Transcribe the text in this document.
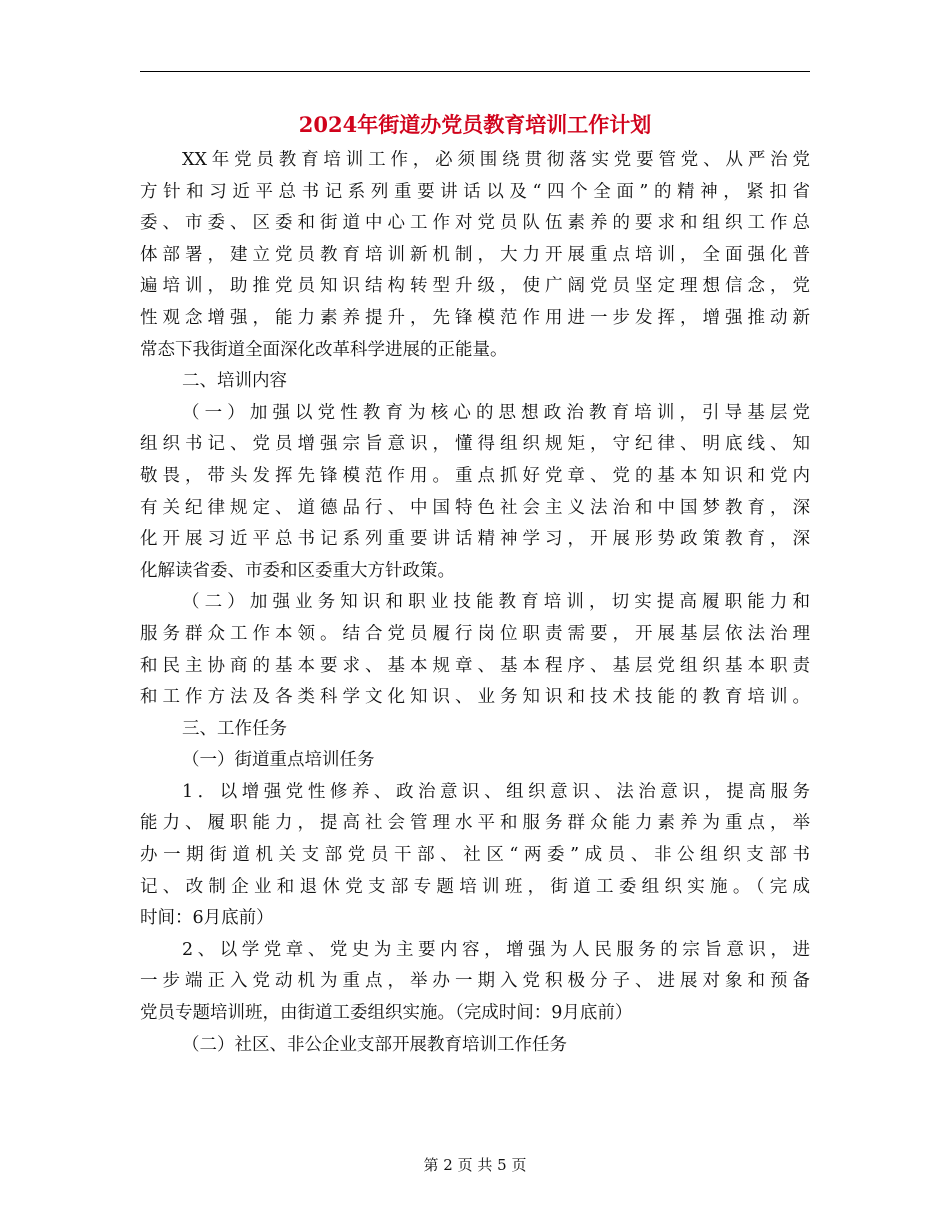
2024年街道办党员教育培训工作计划
XX年党员教育培训工作，必须围绕贯彻落实党要管党、从严治党
方针和习近平总书记系列重要讲话以及“四个全面”的精神，紧扣省
委、市委、区委和街道中心工作对党员队伍素养的要求和组织工作总
体部署，建立党员教育培训新机制，大力开展重点培训，全面强化普
遍培训，助推党员知识结构转型升级，使广阔党员坚定理想信念，党
性观念增强，能力素养提升，先锋模范作用进一步发挥，增强推动新
常态下我街道全面深化改革科学进展的正能量。
二、培训内容
（一）加强以党性教育为核心的思想政治教育培训，引导基层党
组织书记、党员增强宗旨意识，懂得组织规矩，守纪律、明底线、知
敬畏，带头发挥先锋模范作用。重点抓好党章、党的基本知识和党内
有关纪律规定、道德品行、中国特色社会主义法治和中国梦教育，深
化开展习近平总书记系列重要讲话精神学习，开展形势政策教育，深
化解读省委、市委和区委重大方针政策。
（二）加强业务知识和职业技能教育培训，切实提高履职能力和
服务群众工作本领。结合党员履行岗位职责需要，开展基层依法治理
和民主协商的基本要求、基本规章、基本程序、基层党组织基本职责
和工作方法及各类科学文化知识、业务知识和技术技能的教育培训。
三、工作任务
（一）街道重点培训任务
1．以增强党性修养、政治意识、组织意识、法治意识，提高服务
能力、履职能力，提高社会管理水平和服务群众能力素养为重点，举
办一期街道机关支部党员干部、社区“两委”成员、非公组织支部书
记、改制企业和退休党支部专题培训班，街道工委组织实施。（完成
时间：6月底前）
2、以学党章、党史为主要内容，增强为人民服务的宗旨意识，进
一步端正入党动机为重点，举办一期入党积极分子、进展对象和预备
党员专题培训班，由街道工委组织实施。（完成时间：9月底前）
（二）社区、非公企业支部开展教育培训工作任务
第 2 页 共 5 页
